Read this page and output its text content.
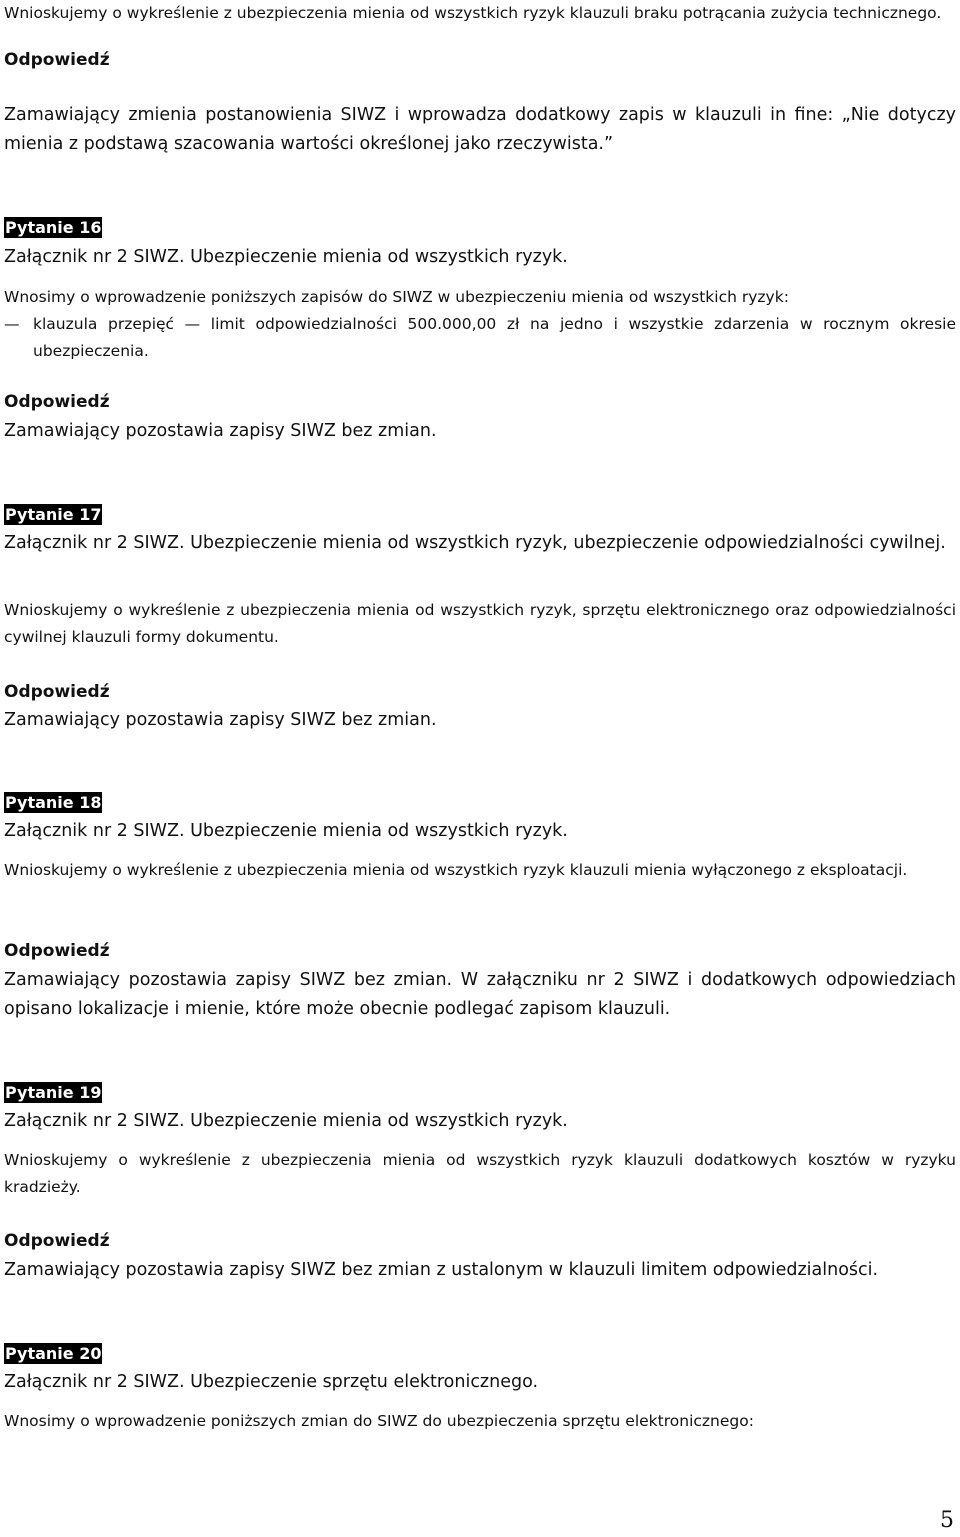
Wnioskujemy o wykreślenie z ubezpieczenia mienia od wszystkich ryzyk klauzuli braku potrącania zużycia technicznego.

Odpowiedź

Zamawiający zmienia postanowienia SIWZ i wprowadza dodatkowy zapis w klauzuli in fine: „Nie dotyczy mienia z podstawą szacowania wartości określonej jako rzeczywista.”

Pytanie 16

Załącznik nr 2 SIWZ. Ubezpieczenie mienia od wszystkich ryzyk.

Wnosimy o wprowadzenie poniższych zapisów do SIWZ w ubezpieczeniu mienia od wszystkich ryzyk:

— klauzula przepięć — limit odpowiedzialności 500.000,00 zł na jedno i wszystkie zdarzenia w rocznym okresie ubezpieczenia.

Odpowiedź

Zamawiający pozostawia zapisy SIWZ bez zmian.

Pytanie 17

Załącznik nr 2 SIWZ. Ubezpieczenie mienia od wszystkich ryzyk, ubezpieczenie odpowiedzialności cywilnej.

Wnioskujemy o wykreślenie z ubezpieczenia mienia od wszystkich ryzyk, sprzętu elektronicznego oraz odpowiedzialności cywilnej klauzuli formy dokumentu.

Odpowiedź

Zamawiający pozostawia zapisy SIWZ bez zmian.

Pytanie 18

Załącznik nr 2 SIWZ. Ubezpieczenie mienia od wszystkich ryzyk.

Wnioskujemy o wykreślenie z ubezpieczenia mienia od wszystkich ryzyk klauzuli mienia wyłączonego z eksploatacji.

Odpowiedź

Zamawiający pozostawia zapisy SIWZ bez zmian. W załączniku nr 2 SIWZ i dodatkowych odpowiedziach opisano lokalizacje i mienie, które może obecnie podlegać zapisom klauzuli.

Pytanie 19

Załącznik nr 2 SIWZ. Ubezpieczenie mienia od wszystkich ryzyk.

Wnioskujemy o wykreślenie z ubezpieczenia mienia od wszystkich ryzyk klauzuli dodatkowych kosztów w ryzyku kradzieży.

Odpowiedź

Zamawiający pozostawia zapisy SIWZ bez zmian z ustalonym w klauzuli limitem odpowiedzialności.

Pytanie 20

Załącznik nr 2 SIWZ. Ubezpieczenie sprzętu elektronicznego.

Wnosimy o wprowadzenie poniższych zmian do SIWZ do ubezpieczenia sprzętu elektronicznego:

5
